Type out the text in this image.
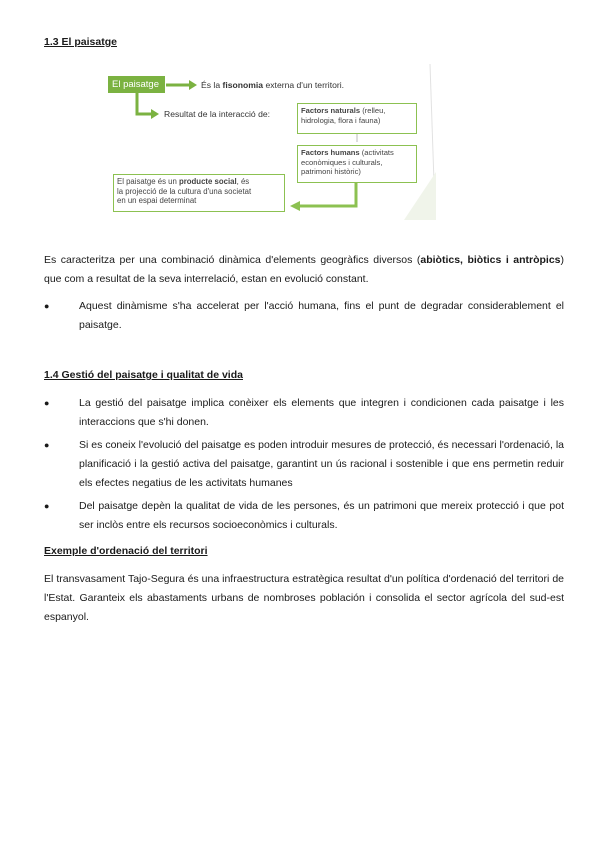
1.3 El paisatge
El paisatge	És la fisonomia externa d'un territori.
Resultat de la interacció de:	Factors naturals (relleu,
hidrologia, flora i fauna)
Factors humans (activitats
econòmiques i culturals,
patrimoni històric)
El paisatge és un producte social, és
la projecció de la cultura d'una societat
en un espai determinat

Es caracteritza per una combinació dinàmica d'elements geogràfics diversos (abiòtics, biòtics i antròpics) que com a resultat de la seva interrelació, estan en evolució constant.

●	Aquest dinàmisme s'ha accelerat per l'acció humana, fins el punt de degradar considerablement el paisatge.
1.4 Gestió del paisatge i qualitat de vida
●	La gestió del paisatge implica conèixer els elements que integren i condicionen cada paisatge i les interaccions que s'hi donen.
●	Si es coneix l'evolució del paisatge es poden introduir mesures de protecció, és necessari l'ordenació, la planificació i la gestió activa del paisatge, garantint un ús racional i sostenible i que ens permetin reduir els efectes negatius de les activitats humanes
●	Del paisatge depèn la qualitat de vida de les persones, és un patrimoni que mereix protecció i que pot ser inclòs entre els recursos socioeconòmics i culturals.
Exemple d'ordenació del territori

El transvasament Tajo-Segura és una infraestructura estratègica resultat d'un política d'ordenació del territori de l'Estat. Garanteix els abastaments urbans de nombroses población i consolida el sector agrícola del sud-est espanyol.
